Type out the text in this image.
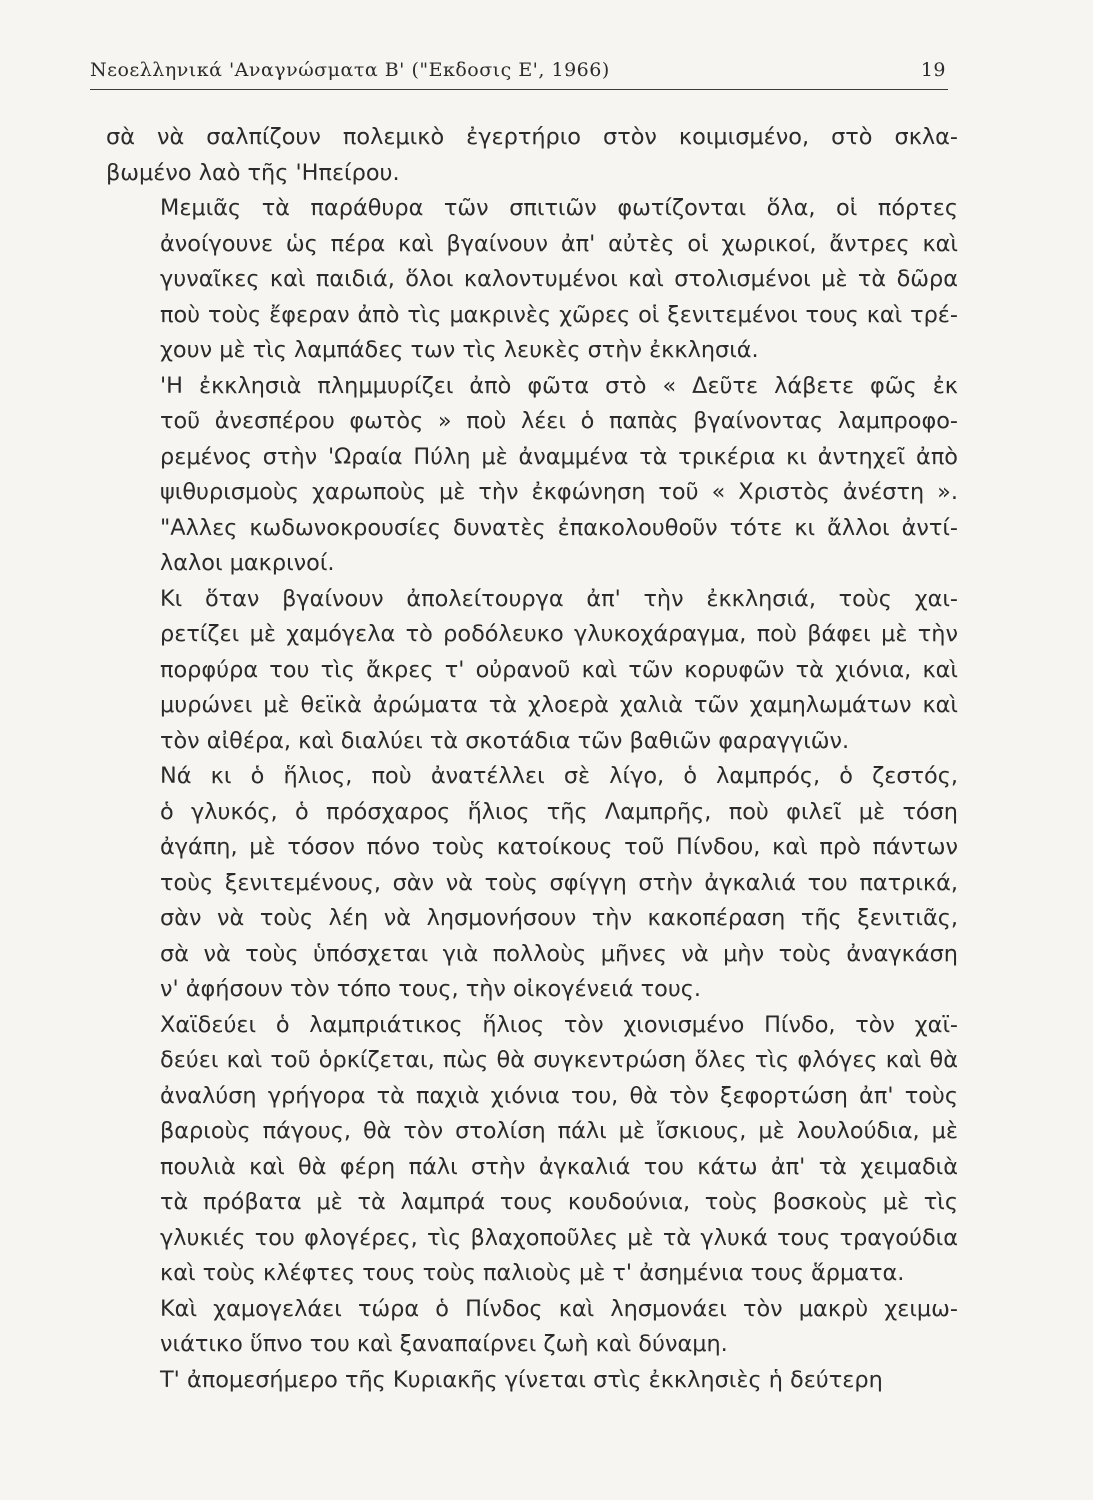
Νεοελληνικά 'Αναγνώσματα Β' ("Εκδοσις Ε', 1966)	19

σὰ νὰ σαλπίζουν πολεμικὸ ἐγερτήριο στὸν κοιμισμένο, στὸ σκλα-
βωμένο λαὸ τῆς 'Ηπείρου.

Μεμιᾶς τὰ παράθυρα τῶν σπιτιῶν φωτίζονται ὅλα, οἱ πόρτες
ἀνοίγουνε ὡς πέρα καὶ βγαίνουν ἀπ' αὐτὲς οἱ χωρικοί, ἄντρες καὶ
γυναῖκες καὶ παιδιά, ὅλοι καλοντυμένοι καὶ στολισμένοι μὲ τὰ δῶρα
ποὺ τοὺς ἔφεραν ἀπὸ τὶς μακρινὲς χῶρες οἱ ξενιτεμένοι τους καὶ τρέ-
χουν μὲ τὶς λαμπάδες των τὶς λευκὲς στὴν ἐκκλησιά.

'Η ἐκκλησιὰ πλημμυρίζει ἀπὸ φῶτα στὸ « Δεῦτε λάβετε φῶς ἐκ
τοῦ ἀνεσπέρου φωτὸς » ποὺ λέει ὁ παπὰς βγαίνοντας λαμπροφο-
ρεμένος στὴν 'Ωραία Πύλη μὲ ἀναμμένα τὰ τρικέρια κι ἀντηχεῖ ἀπὸ
ψιθυρισμοὺς χαρωποὺς μὲ τὴν ἐκφώνηση τοῦ « Χριστὸς ἀνέστη ».
"Αλλες κωδωνοκρουσίες δυνατὲς ἐπακολουθοῦν τότε κι ἄλλοι ἀντί-
λαλοι μακρινοί.

Κι ὅταν βγαίνουν ἀπολείτουργα ἀπ' τὴν ἐκκλησιά, τοὺς χαι-
ρετίζει μὲ χαμόγελα τὸ ροδόλευκο γλυκοχάραγμα, ποὺ βάφει μὲ τὴν
πορφύρα του τὶς ἄκρες τ' οὐρανοῦ καὶ τῶν κορυφῶν τὰ χιόνια, καὶ
μυρώνει μὲ θεϊκὰ ἀρώματα τὰ χλοερὰ χαλιὰ τῶν χαμηλωμάτων καὶ
τὸν αἰθέρα, καὶ διαλύει τὰ σκοτάδια τῶν βαθιῶν φαραγγιῶν.

Νά κι ὁ ἥλιος, ποὺ ἀνατέλλει σὲ λίγο, ὁ λαμπρός, ὁ ζεστός,
ὁ γλυκός, ὁ πρόσχαρος ἥλιος τῆς Λαμπρῆς, ποὺ φιλεῖ μὲ τόση
ἀγάπη, μὲ τόσον πόνο τοὺς κατοίκους τοῦ Πίνδου, καὶ πρὸ πάντων
τοὺς ξενιτεμένους, σὰν νὰ τοὺς σφίγγη στὴν ἀγκαλιά του πατρικά,
σὰν νὰ τοὺς λέη νὰ λησμονήσουν τὴν κακοπέραση τῆς ξενιτιᾶς,
σὰ νὰ τοὺς ὑπόσχεται γιὰ πολλοὺς μῆνες νὰ μὴν τοὺς ἀναγκάση
ν' ἀφήσουν τὸν τόπο τους, τὴν οἰκογένειά τους.

Χαϊδεύει ὁ λαμπριάτικος ἥλιος τὸν χιονισμένο Πίνδο, τὸν χαϊ-
δεύει καὶ τοῦ ὁρκίζεται, πὼς θὰ συγκεντρώση ὅλες τὶς φλόγες καὶ θὰ
ἀναλύση γρήγορα τὰ παχιὰ χιόνια του, θὰ τὸν ξεφορτώση ἀπ' τοὺς
βαριοὺς πάγους, θὰ τὸν στολίση πάλι μὲ ἴσκιους, μὲ λουλούδια, μὲ
πουλιὰ καὶ θὰ φέρη πάλι στὴν ἀγκαλιά του κάτω ἀπ' τὰ χειμαδιὰ
τὰ πρόβατα μὲ τὰ λαμπρά τους κουδούνια, τοὺς βοσκοὺς μὲ τὶς
γλυκιές του φλογέρες, τὶς βλαχοποῦλες μὲ τὰ γλυκά τους τραγούδια
καὶ τοὺς κλέφτες τους τοὺς παλιοὺς μὲ τ' ἀσημένια τους ἅρματα.

Καὶ χαμογελάει τώρα ὁ Πίνδος καὶ λησμονάει τὸν μακρὺ χειμω-
νιάτικο ὕπνο του καὶ ξαναπαίρνει ζωὴ καὶ δύναμη.

Τ' ἀπομεσήμερο τῆς Κυριακῆς γίνεται στὶς ἐκκλησιὲς ἡ δεύτερη
